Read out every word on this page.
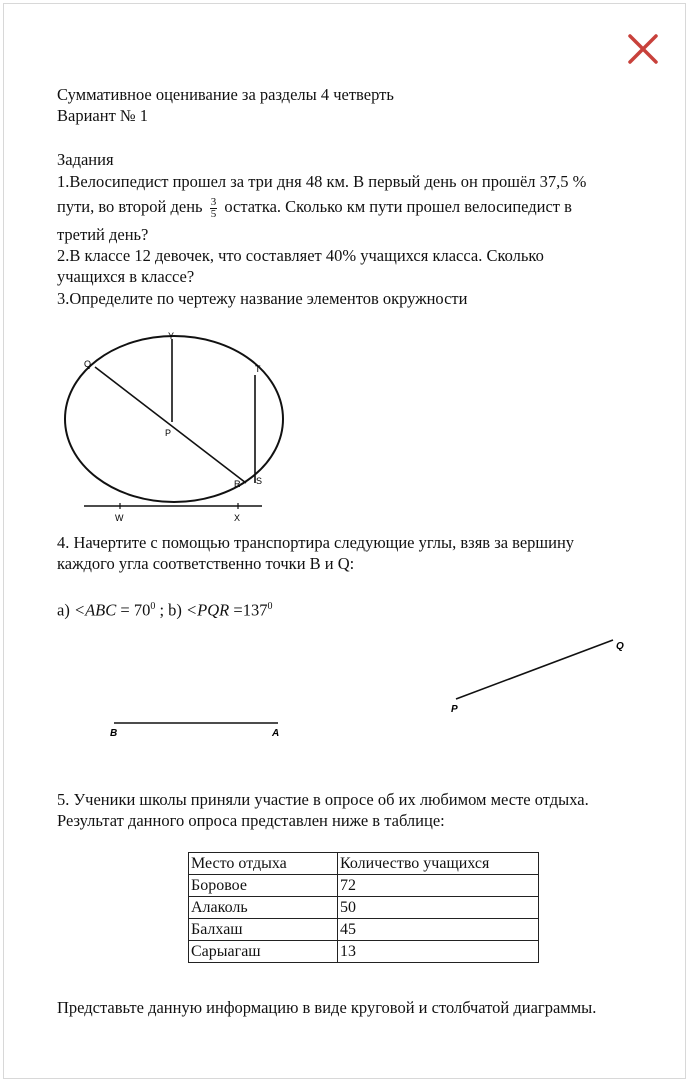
Суммативное оценивание за разделы 4 четверть
Вариант № 1
Задания
1.Велосипедист прошел за три дня 48 км. В первый день он прошёл 37,5 %
пути, во второй день $\frac{3}{5}$ остатка. Сколько км пути прошел велосипедист в
третий день?
2.В классе 12 девочек, что составляет 40% учащихся класса. Сколько
учащихся в классе?
3.Определите по чертежу название элементов окружности
Q
Y
T
P
R S
W	X
4. Начертите с помощью транспортира следующие углы, взяв за вершину
каждого угла соответственно точки В и Q:
$a) <ABC = 70^0$ ; $b) <PQR =137^0$
B	A
P
Q
5. Ученики школы приняли участие в опросе об их любимом месте отдыха.
Результат данного опроса представлен ниже в таблице:
Место отдыха	Количество учащихся
Боровое	72
Алаколь	50
Балхаш	45
Сарыагаш	13
Представьте данную информацию в виде круговой и столбчатой диаграммы.
